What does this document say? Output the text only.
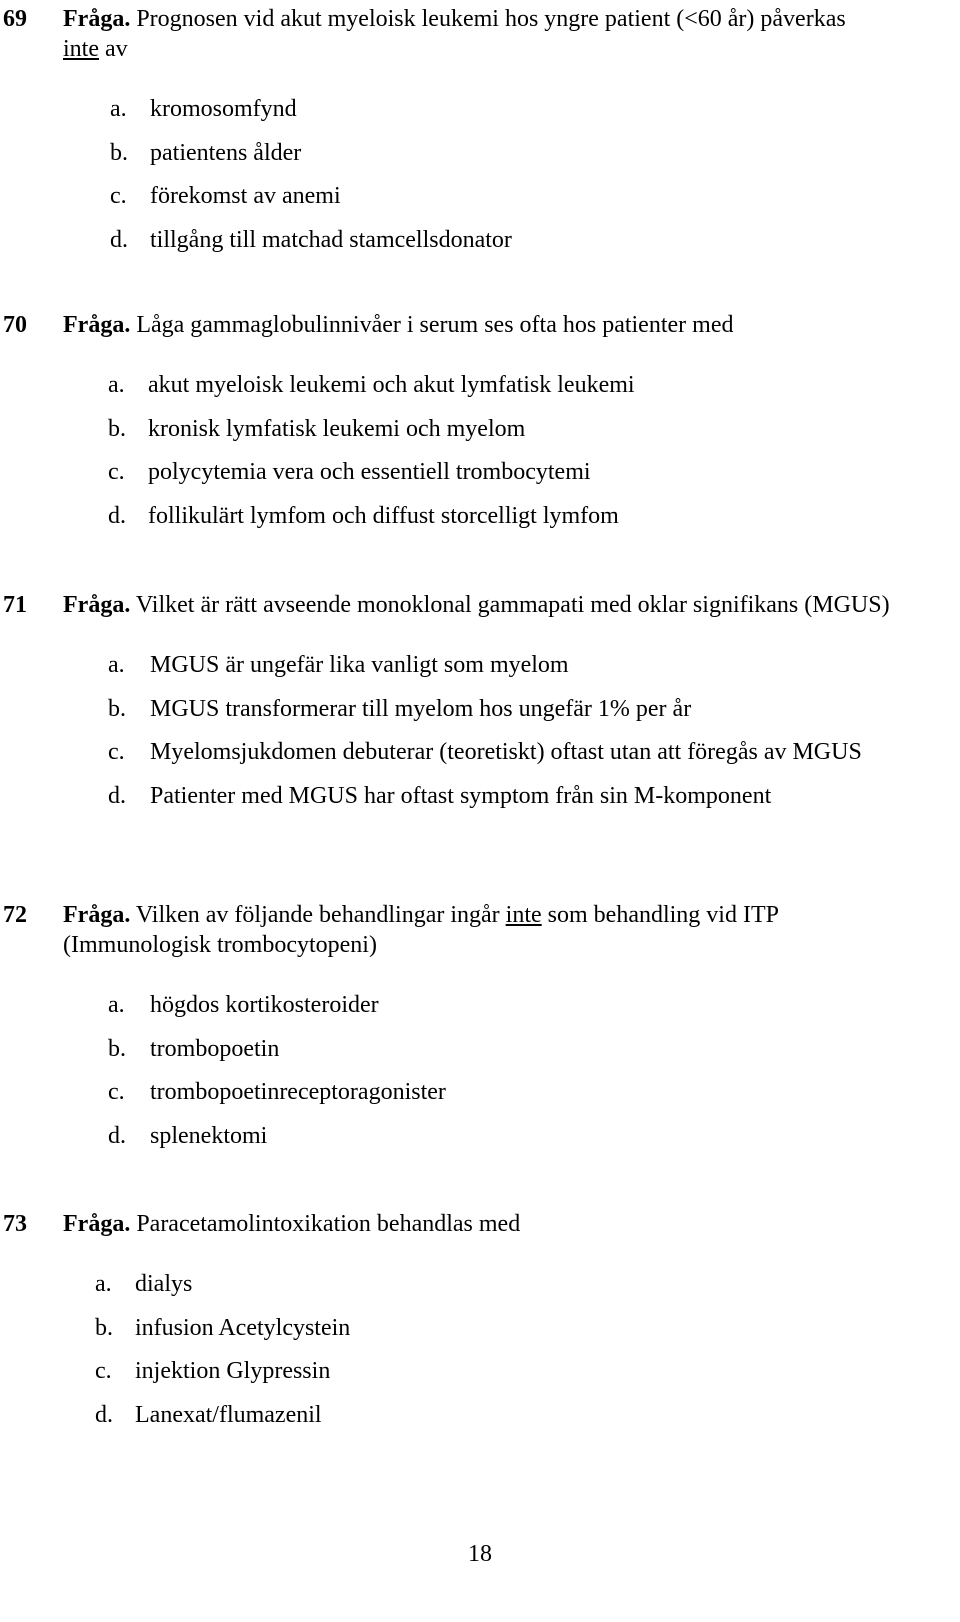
69 Fråga. Prognosen vid akut myeloisk leukemi hos yngre patient (<60 år) påverkas
inte av
a. kromosomfynd
b. patientens ålder
c. förekomst av anemi
d. tillgång till matchad stamcellsdonator
70 Fråga. Låga gammaglobulinnivåer i serum ses ofta hos patienter med
a. akut myeloisk leukemi och akut lymfatisk leukemi
b. kronisk lymfatisk leukemi och myelom
c. polycytemia vera och essentiell trombocytemi
d. follikulärt lymfom och diffust storcelligt lymfom
71 Fråga. Vilket är rätt avseende monoklonal gammapati med oklar signifikans (MGUS)
a. MGUS är ungefär lika vanligt som myelom
b. MGUS transformerar till myelom hos ungefär 1% per år
c. Myelomsjukdomen debuterar (teoretiskt) oftast utan att föregås av MGUS
d. Patienter med MGUS har oftast symptom från sin M-komponent
72 Fråga. Vilken av följande behandlingar ingår inte som behandling vid ITP (Immunologisk trombocytopeni)
a. högdos kortikosteroider
b. trombopoetin
c. trombopoetinreceptoragonister
d. splenektomi
73 Fråga. Paracetamolintoxikation behandlas med
a. dialys
b. infusion Acetylcystein
c. injektion Glypressin
d. Lanexat/flumazenil
18
